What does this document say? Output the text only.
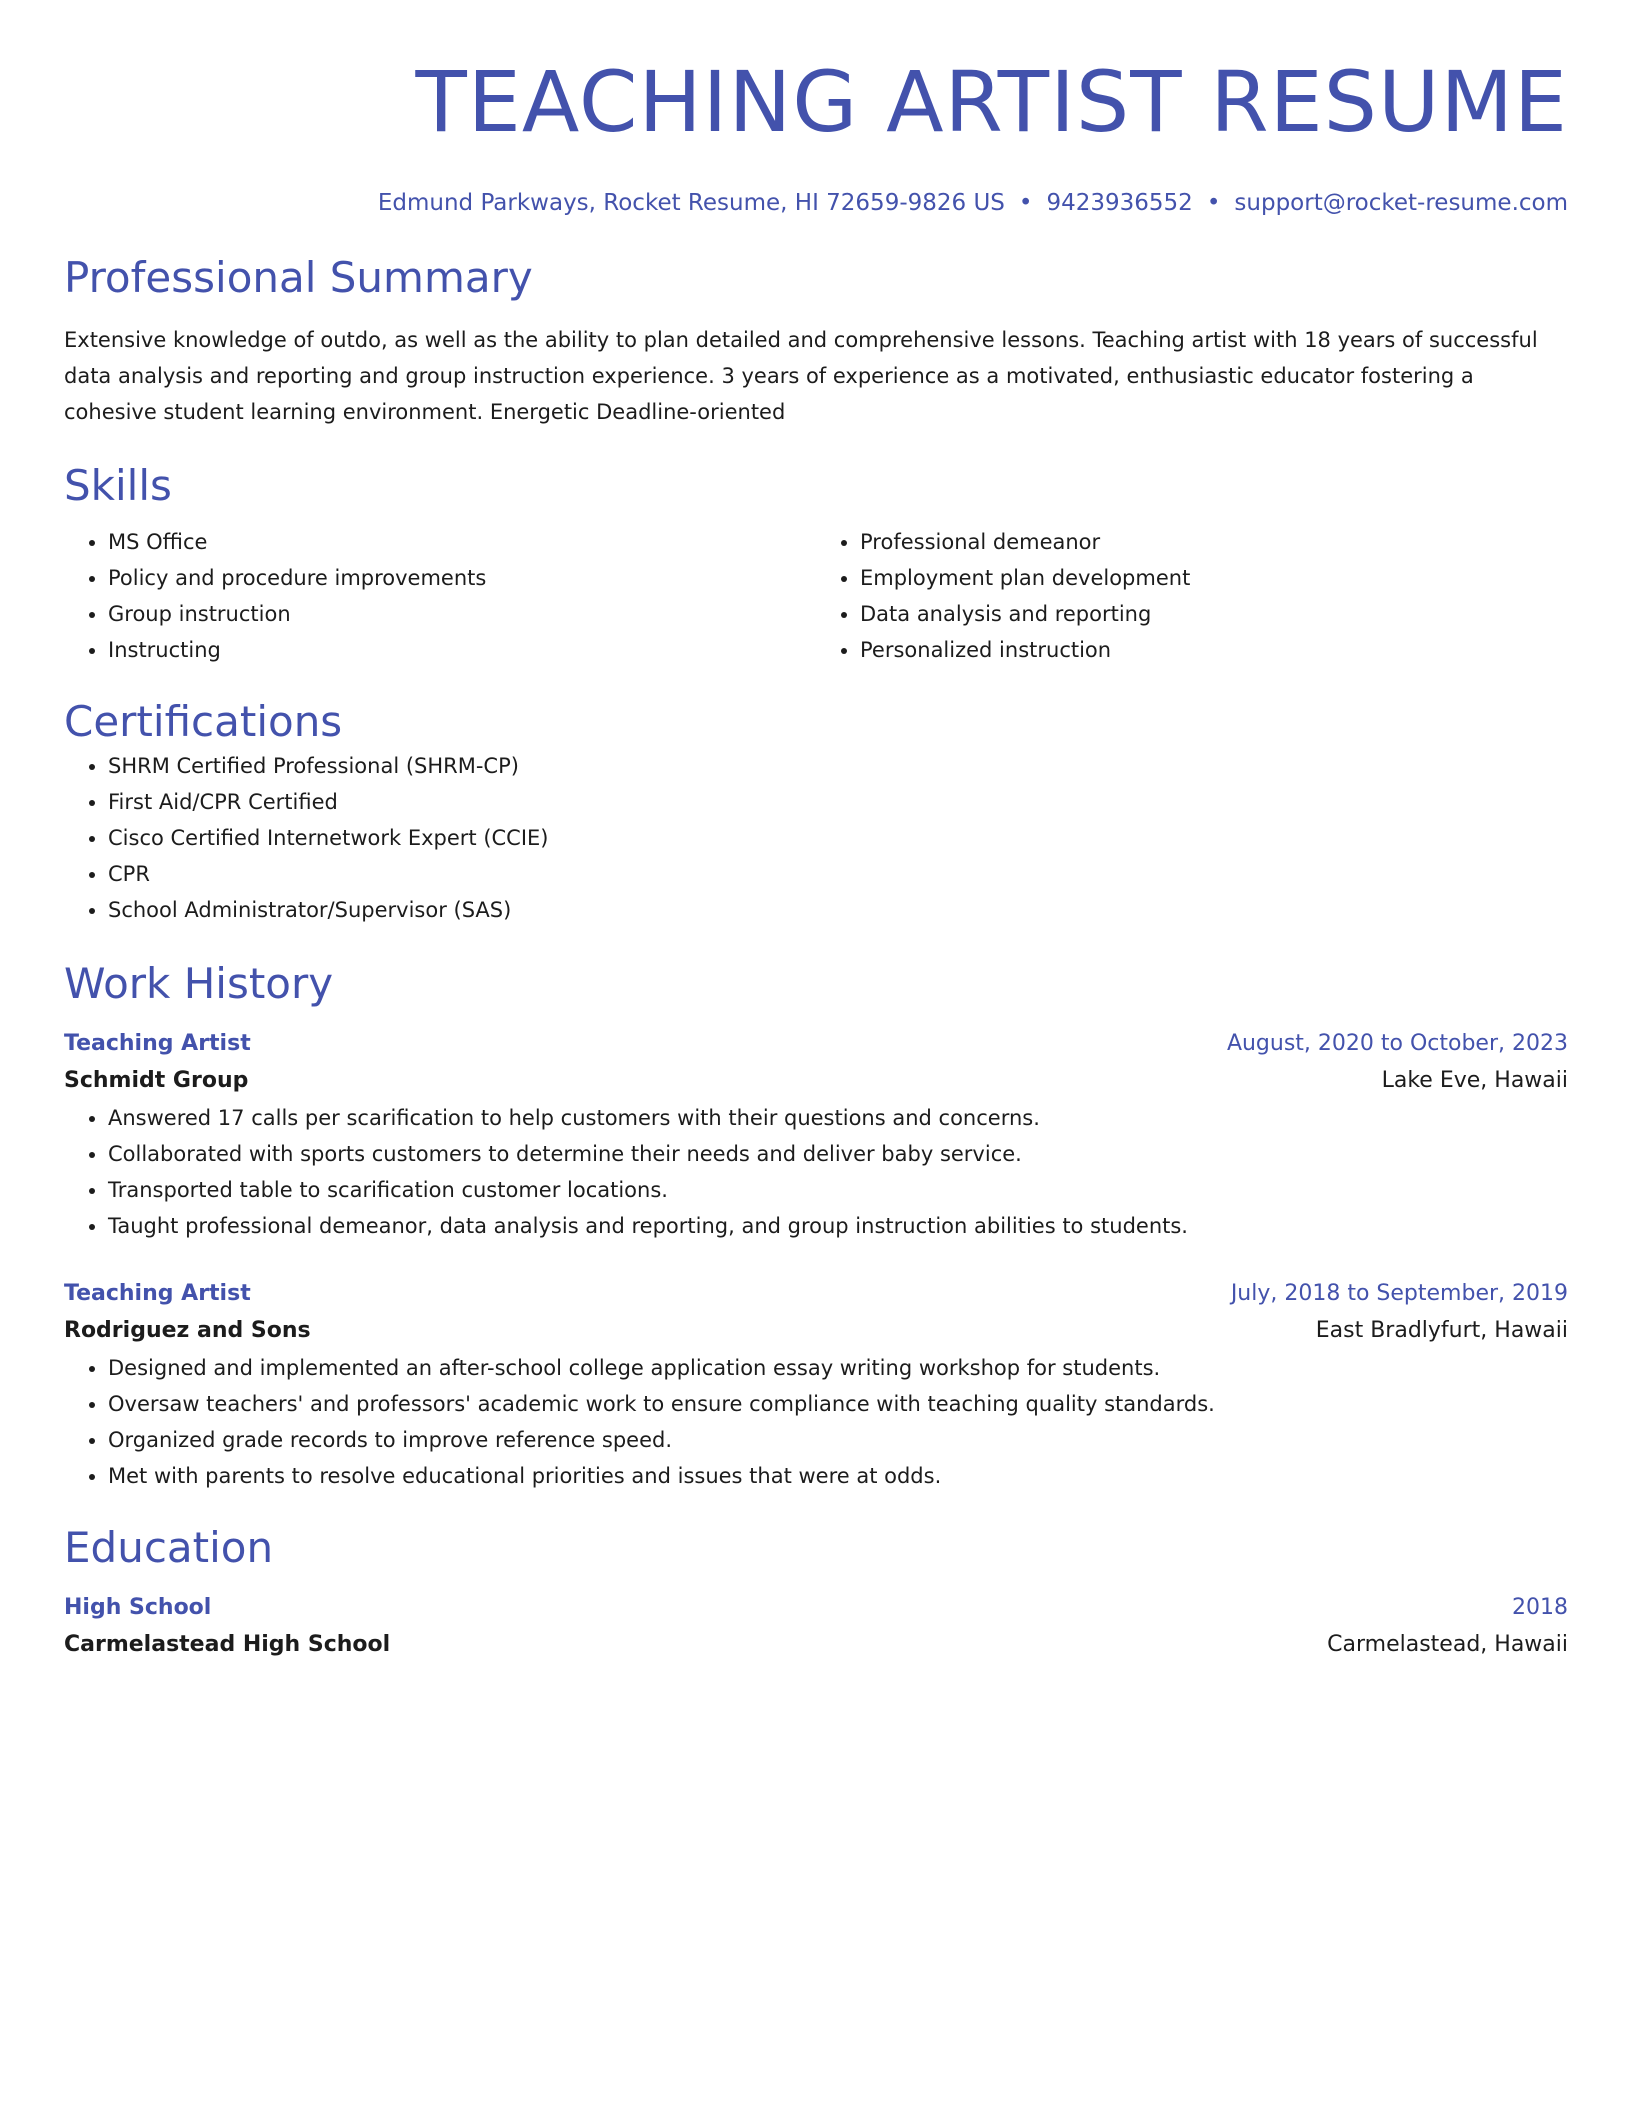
TEACHING ARTIST RESUME
Edmund Parkways, Rocket Resume, HI 72659-9826 US • 9423936552 • support@rocket-resume.com
Professional Summary
Extensive knowledge of outdo, as well as the ability to plan detailed and comprehensive lessons. Teaching artist with 18 years of successful data analysis and reporting and group instruction experience. 3 years of experience as a motivated, enthusiastic educator fostering a cohesive student learning environment. Energetic Deadline-oriented
Skills
• MS Office
• Policy and procedure improvements
• Group instruction
• Instructing
• Professional demeanor
• Employment plan development
• Data analysis and reporting
• Personalized instruction
Certifications
• SHRM Certified Professional (SHRM-CP)
• First Aid/CPR Certified
• Cisco Certified Internetwork Expert (CCIE)
• CPR
• School Administrator/Supervisor (SAS)
Work History
Teaching Artist	August, 2020 to October, 2023
Schmidt Group	Lake Eve, Hawaii
• Answered 17 calls per scarification to help customers with their questions and concerns.
• Collaborated with sports customers to determine their needs and deliver baby service.
• Transported table to scarification customer locations.
• Taught professional demeanor, data analysis and reporting, and group instruction abilities to students.
Teaching Artist	July, 2018 to September, 2019
Rodriguez and Sons	East Bradlyfurt, Hawaii
• Designed and implemented an after-school college application essay writing workshop for students.
• Oversaw teachers' and professors' academic work to ensure compliance with teaching quality standards.
• Organized grade records to improve reference speed.
• Met with parents to resolve educational priorities and issues that were at odds.
Education
High School	2018
Carmelastead High School	Carmelastead, Hawaii
